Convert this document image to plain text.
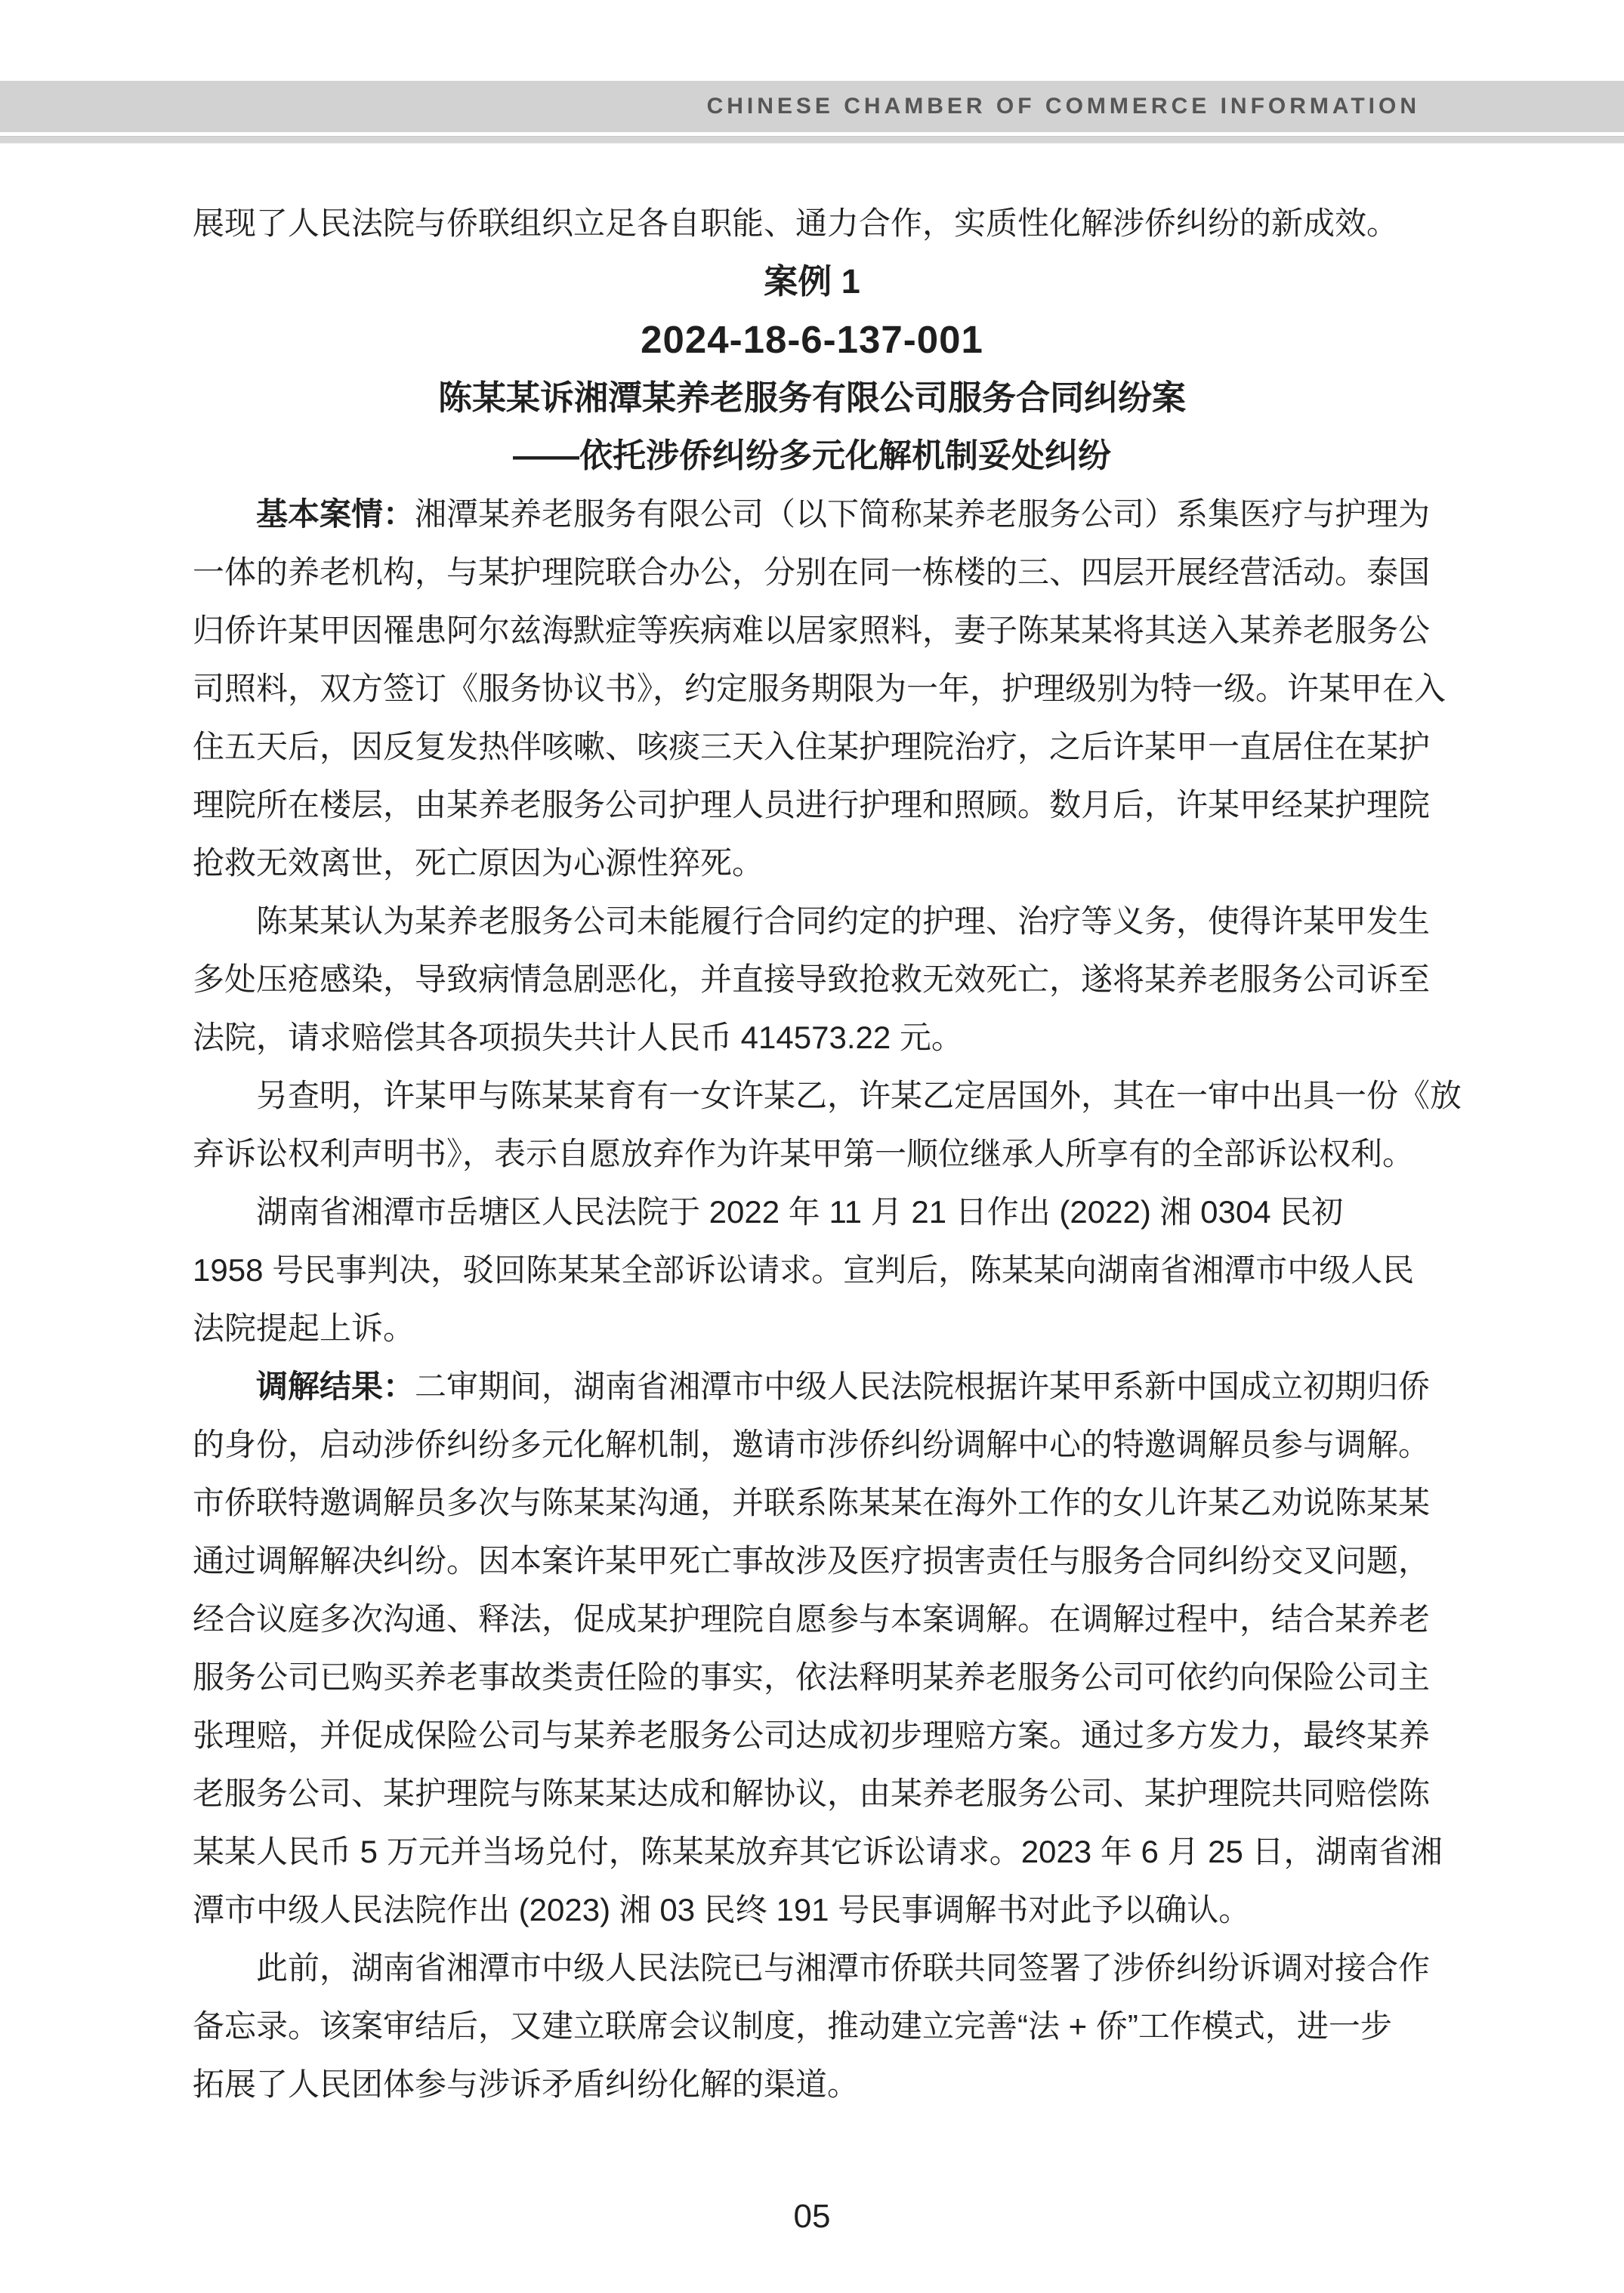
CHINESE CHAMBER OF COMMERCE INFORMATION
展现了人民法院与侨联组织立足各自职能、通力合作，实质性化解涉侨纠纷的新成效。
案例 1
2024-18-6-137-001
陈某某诉湘潭某养老服务有限公司服务合同纠纷案
——依托涉侨纠纷多元化解机制妥处纠纷
基本案情：湘潭某养老服务有限公司（以下简称某养老服务公司）系集医疗与护理为
一体的养老机构，与某护理院联合办公，分别在同一栋楼的三、四层开展经营活动。泰国
归侨许某甲因罹患阿尔兹海默症等疾病难以居家照料，妻子陈某某将其送入某养老服务公
司照料，双方签订《服务协议书》，约定服务期限为一年，护理级别为特一级。许某甲在入
住五天后，因反复发热伴咳嗽、咳痰三天入住某护理院治疗，之后许某甲一直居住在某护
理院所在楼层，由某养老服务公司护理人员进行护理和照顾。数月后，许某甲经某护理院
抢救无效离世，死亡原因为心源性猝死。
陈某某认为某养老服务公司未能履行合同约定的护理、治疗等义务，使得许某甲发生
多处压疮感染，导致病情急剧恶化，并直接导致抢救无效死亡，遂将某养老服务公司诉至
法院，请求赔偿其各项损失共计人民币 414573.22 元。
另查明，许某甲与陈某某育有一女许某乙，许某乙定居国外，其在一审中出具一份《放
弃诉讼权利声明书》，表示自愿放弃作为许某甲第一顺位继承人所享有的全部诉讼权利。
湖南省湘潭市岳塘区人民法院于 2022 年 11 月 21 日作出 (2022) 湘 0304 民初
1958 号民事判决，驳回陈某某全部诉讼请求。宣判后，陈某某向湖南省湘潭市中级人民
法院提起上诉。
调解结果：二审期间，湖南省湘潭市中级人民法院根据许某甲系新中国成立初期归侨
的身份，启动涉侨纠纷多元化解机制，邀请市涉侨纠纷调解中心的特邀调解员参与调解。
市侨联特邀调解员多次与陈某某沟通，并联系陈某某在海外工作的女儿许某乙劝说陈某某
通过调解解决纠纷。因本案许某甲死亡事故涉及医疗损害责任与服务合同纠纷交叉问题，
经合议庭多次沟通、释法，促成某护理院自愿参与本案调解。在调解过程中，结合某养老
服务公司已购买养老事故类责任险的事实，依法释明某养老服务公司可依约向保险公司主
张理赔，并促成保险公司与某养老服务公司达成初步理赔方案。通过多方发力，最终某养
老服务公司、某护理院与陈某某达成和解协议，由某养老服务公司、某护理院共同赔偿陈
某某人民币 5 万元并当场兑付，陈某某放弃其它诉讼请求。2023 年 6 月 25 日，湖南省湘
潭市中级人民法院作出 (2023) 湘 03 民终 191 号民事调解书对此予以确认。
此前，湖南省湘潭市中级人民法院已与湘潭市侨联共同签署了涉侨纠纷诉调对接合作
备忘录。该案审结后，又建立联席会议制度，推动建立完善“法 + 侨”工作模式，进一步
拓展了人民团体参与涉诉矛盾纠纷化解的渠道。
05
